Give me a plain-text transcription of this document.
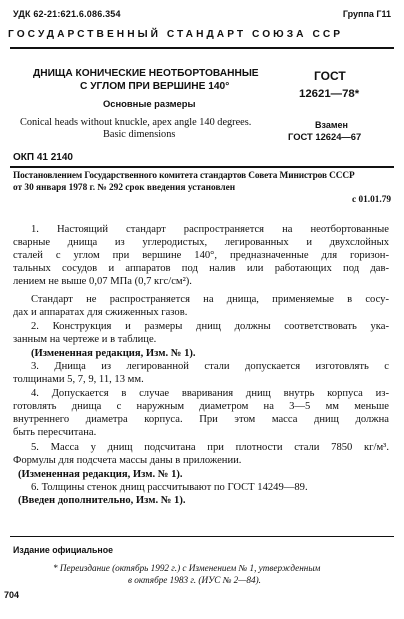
УДК 62-21:621.6.086.354	Группа Г11
ГОСУДАРСТВЕННЫЙ СТАНДАРТ СОЮЗА ССР
ДНИЩА КОНИЧЕСКИЕ НЕОТБОРТОВАННЫЕ
С УГЛОМ ПРИ ВЕРШИНЕ 140°
Основные размеры
Conical heads without knuckle, apex angle 140 degrees.
Basic dimensions
ГОСТ
12621—78*
Взамен
ГОСТ 12624—67
ОКП 41 2140
Постановлением Государственного комитета стандартов Совета Министров СССР
от 30 января 1978 г. № 292 срок введения установлен
с 01.01.79
1. Настоящий стандарт распространяется на неотбортованные
сварные днища из углеродистых, легированных и двухслойных
сталей с углом при вершине 140°, предназначенные для горизон-
тальных сосудов и аппаратов под налив или работающих под дав-
лением не выше 0,07 МПа (0,7 кгс/см²).
Стандарт не распространяется на днища, применяемые в сосу-
дах и аппаратах для сжиженных газов.
2. Конструкция и размеры днищ должны соответствовать ука-
занным на чертеже и в таблице.
(Измененная редакция, Изм. № 1).
3. Днища из легированной стали допускается изготовлять с
толщинами 5, 7, 9, 11, 13 мм.
4. Допускается в случае вваривания днищ внутрь корпуса из-
готовлять днища с наружным диаметром на 3—5 мм меньше
внутреннего диаметра корпуса. При этом масса днищ должна
быть пересчитана.
5. Масса у днищ подсчитана при плотности стали 7850 кг/м³.
Формулы для подсчета массы даны в приложении.
(Измененная редакция, Изм. № 1).
6. Толщины стенок днищ рассчитывают по ГОСТ 14249—89.
(Введен дополнительно, Изм. № 1).
Издание официальное
* Переиздание (октябрь 1992 г.) с Изменением № 1, утвержденным
в октябре 1983 г. (ИУС № 2—84).
704
